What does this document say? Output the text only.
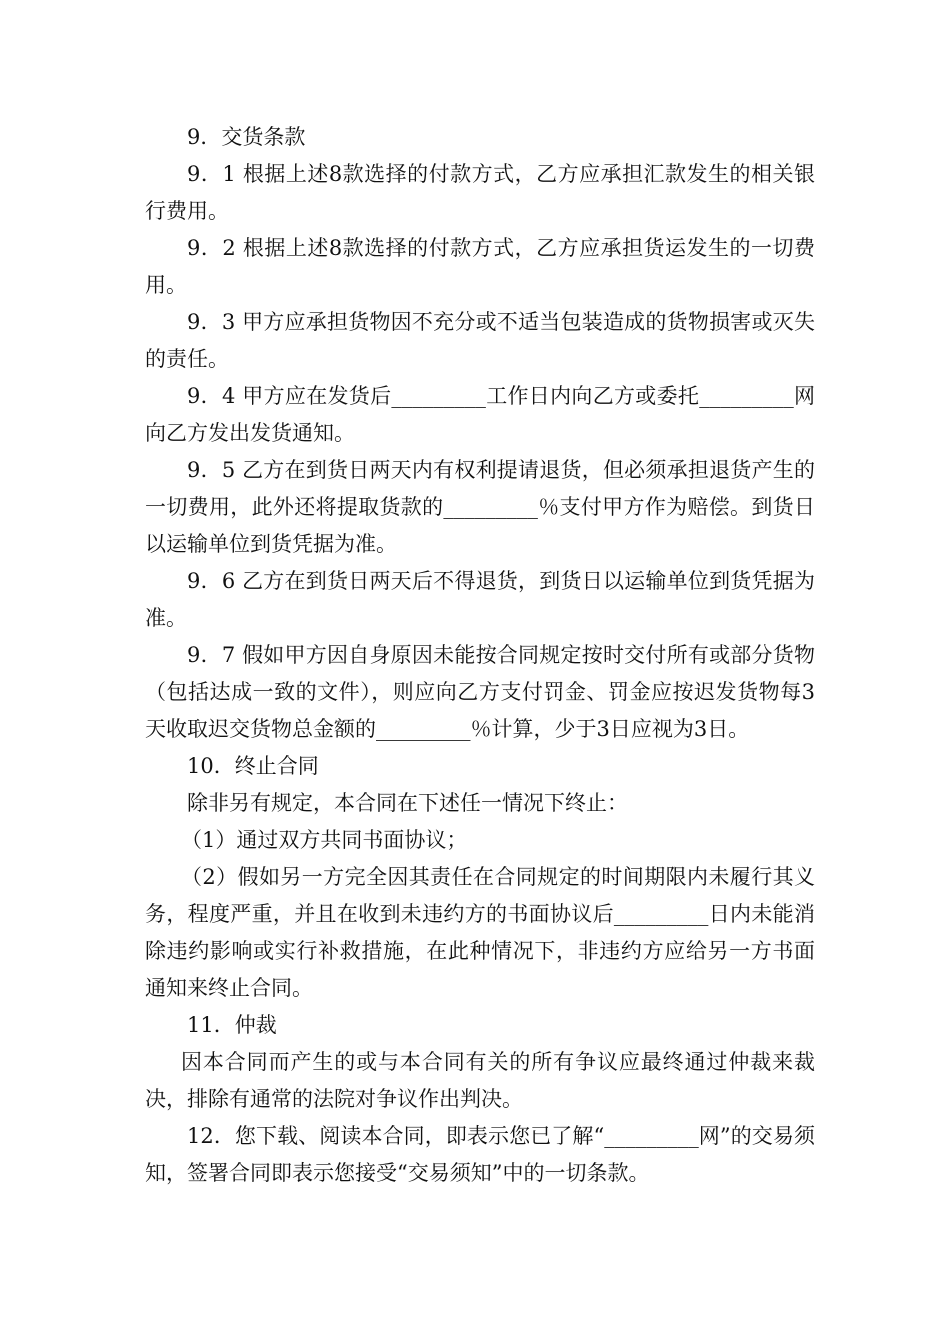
9．交货条款

9．1 根据上述8款选择的付款方式，乙方应承担汇款发生的相关银行费用。

9．2 根据上述8款选择的付款方式，乙方应承担货运发生的一切费用。

9．3 甲方应承担货物因不充分或不适当包装造成的货物损害或灭失的责任。

9．4 甲方应在发货后_________工作日内向乙方或委托_________网向乙方发出发货通知。

9．5 乙方在到货日两天内有权利提请退货，但必须承担退货产生的一切费用，此外还将提取货款的_________％支付甲方作为赔偿。到货日以运输单位到货凭据为准。

9．6 乙方在到货日两天后不得退货，到货日以运输单位到货凭据为准。

9．7 假如甲方因自身原因未能按合同规定按时交付所有或部分货物（包括达成一致的文件），则应向乙方支付罚金、罚金应按迟发货物每3天收取迟交货物总金额的_________％计算，少于3日应视为3日。

10．终止合同

除非另有规定，本合同在下述任一情况下终止：

（1）通过双方共同书面协议；

（2）假如另一方完全因其责任在合同规定的时间期限内未履行其义务，程度严重，并且在收到未违约方的书面协议后_________日内未能消除违约影响或实行补救措施，在此种情况下，非违约方应给另一方书面通知来终止合同。

11．仲裁

因本合同而产生的或与本合同有关的所有争议应最终通过仲裁来裁决，排除有通常的法院对争议作出判决。

12．您下载、阅读本合同，即表示您已了解“_________网”的交易须知，签署合同即表示您接受“交易须知”中的一切条款。
